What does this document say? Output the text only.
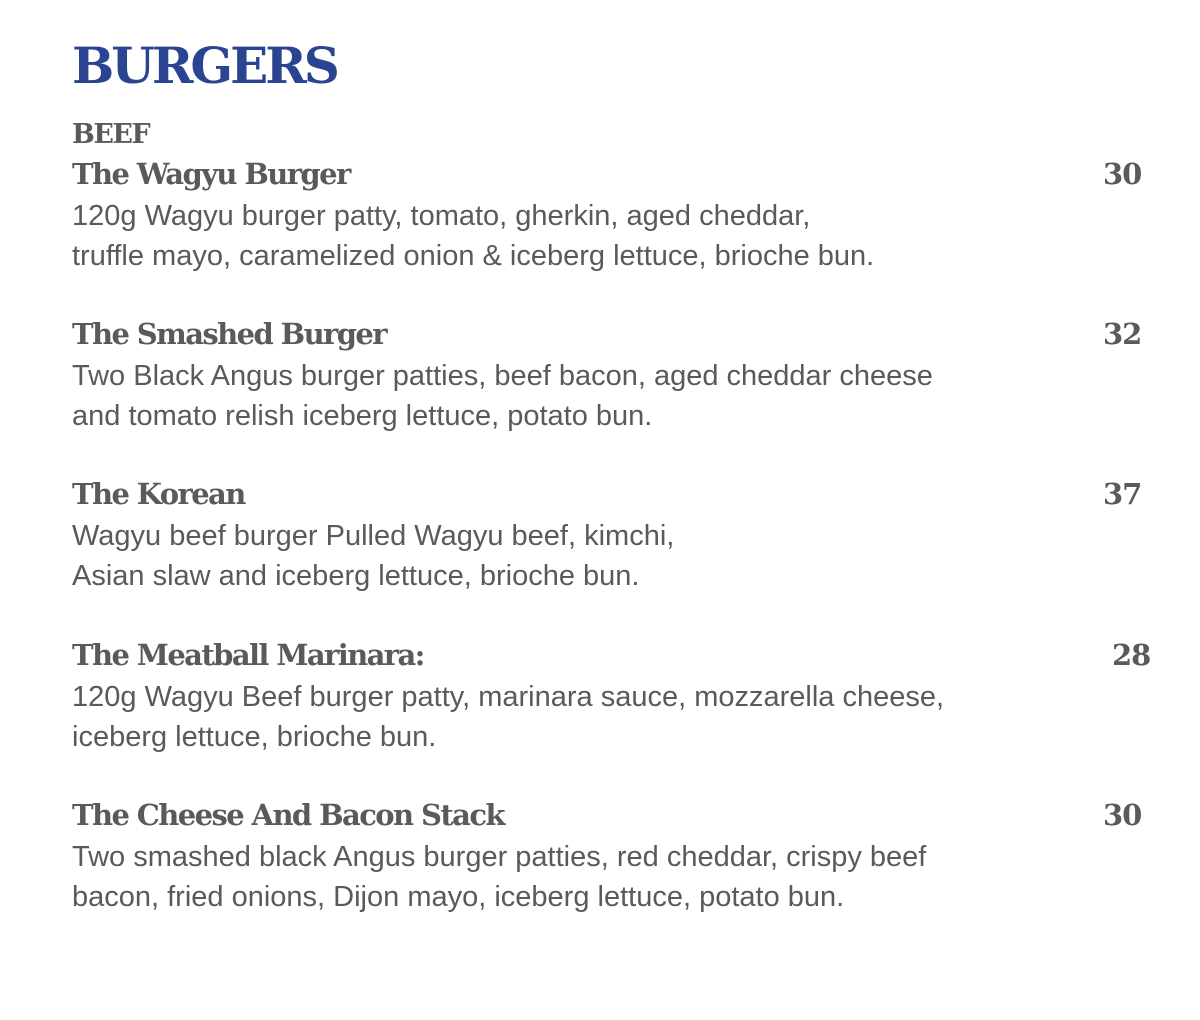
BURGERS
BEEF
The Wagyu Burger	30
120g Wagyu burger patty, tomato, gherkin, aged cheddar,
truffle mayo, caramelized onion & iceberg lettuce, brioche bun.
The Smashed Burger	32
Two Black Angus burger patties, beef bacon, aged cheddar cheese
and tomato relish iceberg lettuce, potato bun.
The Korean	37
Wagyu beef burger Pulled Wagyu beef, kimchi,
Asian slaw and iceberg lettuce, brioche bun.
The Meatball Marinara:	28
120g Wagyu Beef burger patty, marinara sauce, mozzarella cheese,
iceberg lettuce, brioche bun.
The Cheese And Bacon Stack	30
Two smashed black Angus burger patties, red cheddar, crispy beef
bacon, fried onions, Dijon mayo, iceberg lettuce, potato bun.
